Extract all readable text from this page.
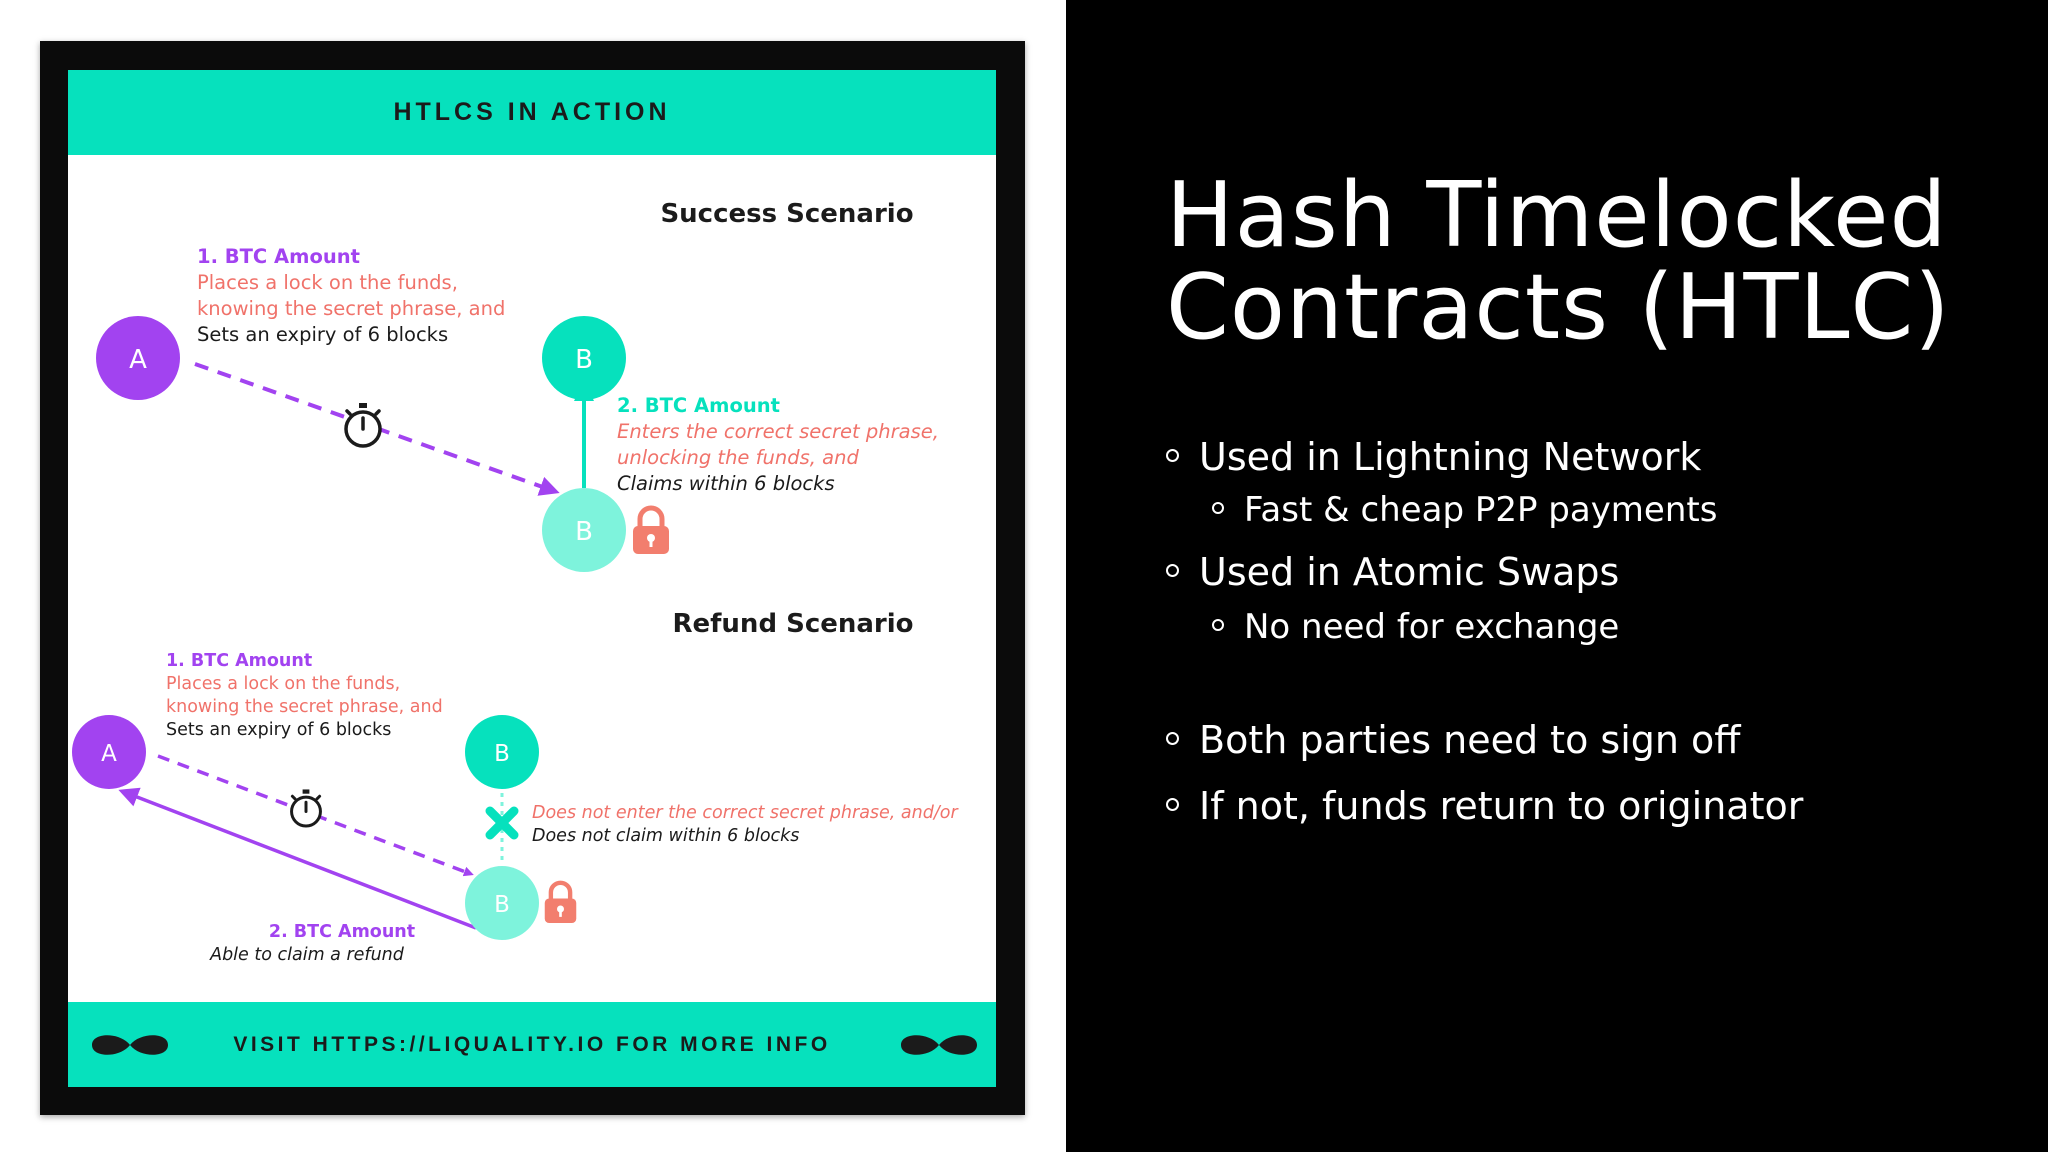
HTLCS IN ACTION
Success Scenario
A	B
B
1. BTC Amount
Places a lock on the funds,
knowing the secret phrase, and
Sets an expiry of 6 blocks
2. BTC Amount
Enters the correct secret phrase,
unlocking the funds, and
Claims within 6 blocks
Refund Scenario
A	B
B
1. BTC Amount
Places a lock on the funds,
knowing the secret phrase, and
Sets an expiry of 6 blocks
Does not enter the correct secret phrase, and/or
Does not claim within 6 blocks
2. BTC Amount
Able to claim a refund
VISIT HTTPS://LIQUALITY.IO FOR MORE INFO
Hash Timelocked
Contracts (HTLC)
Used in Lightning Network
Fast & cheap P2P payments
Used in Atomic Swaps
No need for exchange
Both parties need to sign off
If not, funds return to originator
